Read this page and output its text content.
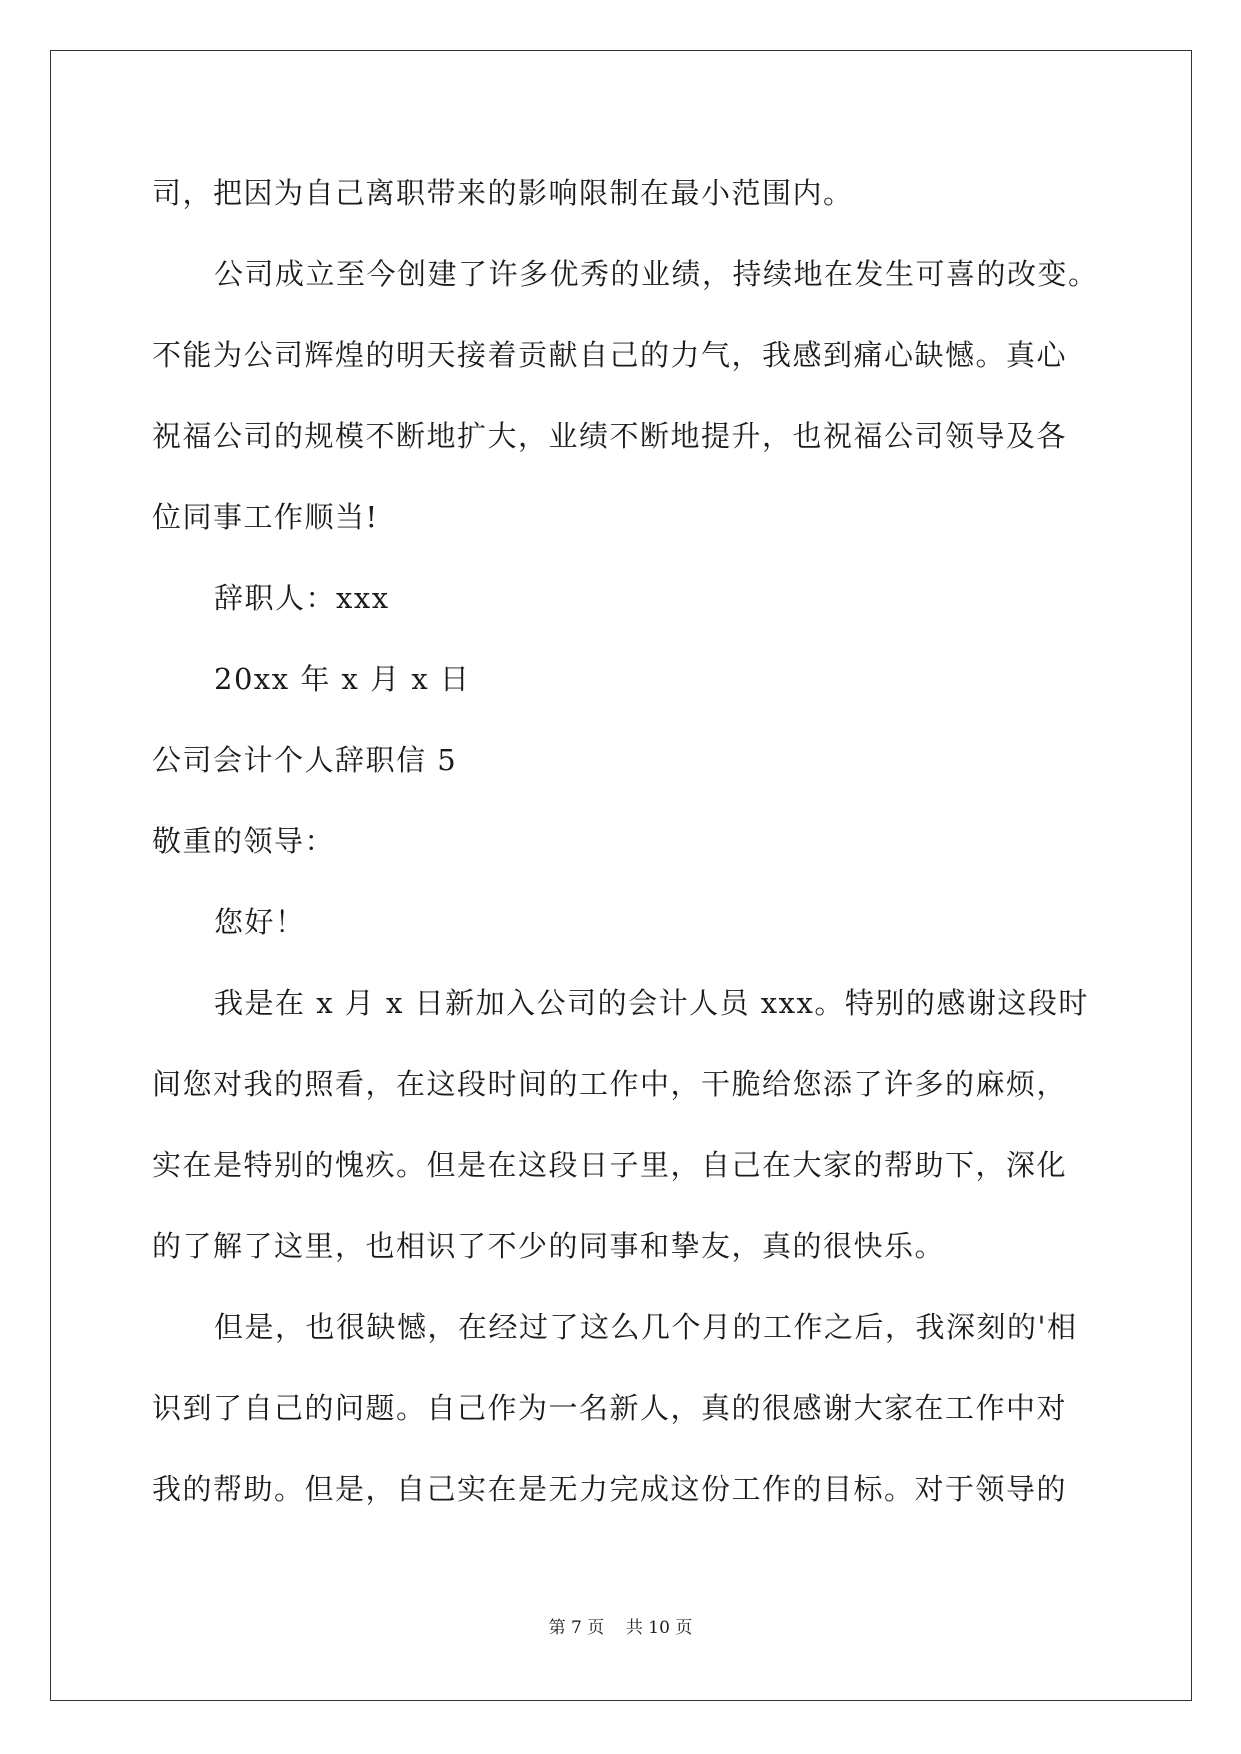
司，把因为自己离职带来的影响限制在最小范围内。
公司成立至今创建了许多优秀的业绩，持续地在发生可喜的改变。
不能为公司辉煌的明天接着贡献自己的力气，我感到痛心缺憾。真心
祝福公司的规模不断地扩大，业绩不断地提升，也祝福公司领导及各
位同事工作顺当!
辞职人：xxx
20xx 年 x 月 x 日
公司会计个人辞职信 5
敬重的领导：
您好！
我是在 x 月 x 日新加入公司的会计人员 xxx。特别的感谢这段时
间您对我的照看，在这段时间的工作中，干脆给您添了许多的麻烦，
实在是特别的愧疚。但是在这段日子里，自己在大家的帮助下，深化
的了解了这里，也相识了不少的同事和挚友，真的很快乐。
但是，也很缺憾，在经过了这么几个月的工作之后，我深刻的'相
识到了自己的问题。自己作为一名新人，真的很感谢大家在工作中对
我的帮助。但是，自己实在是无力完成这份工作的目标。对于领导的
第 7 页    共 10 页
